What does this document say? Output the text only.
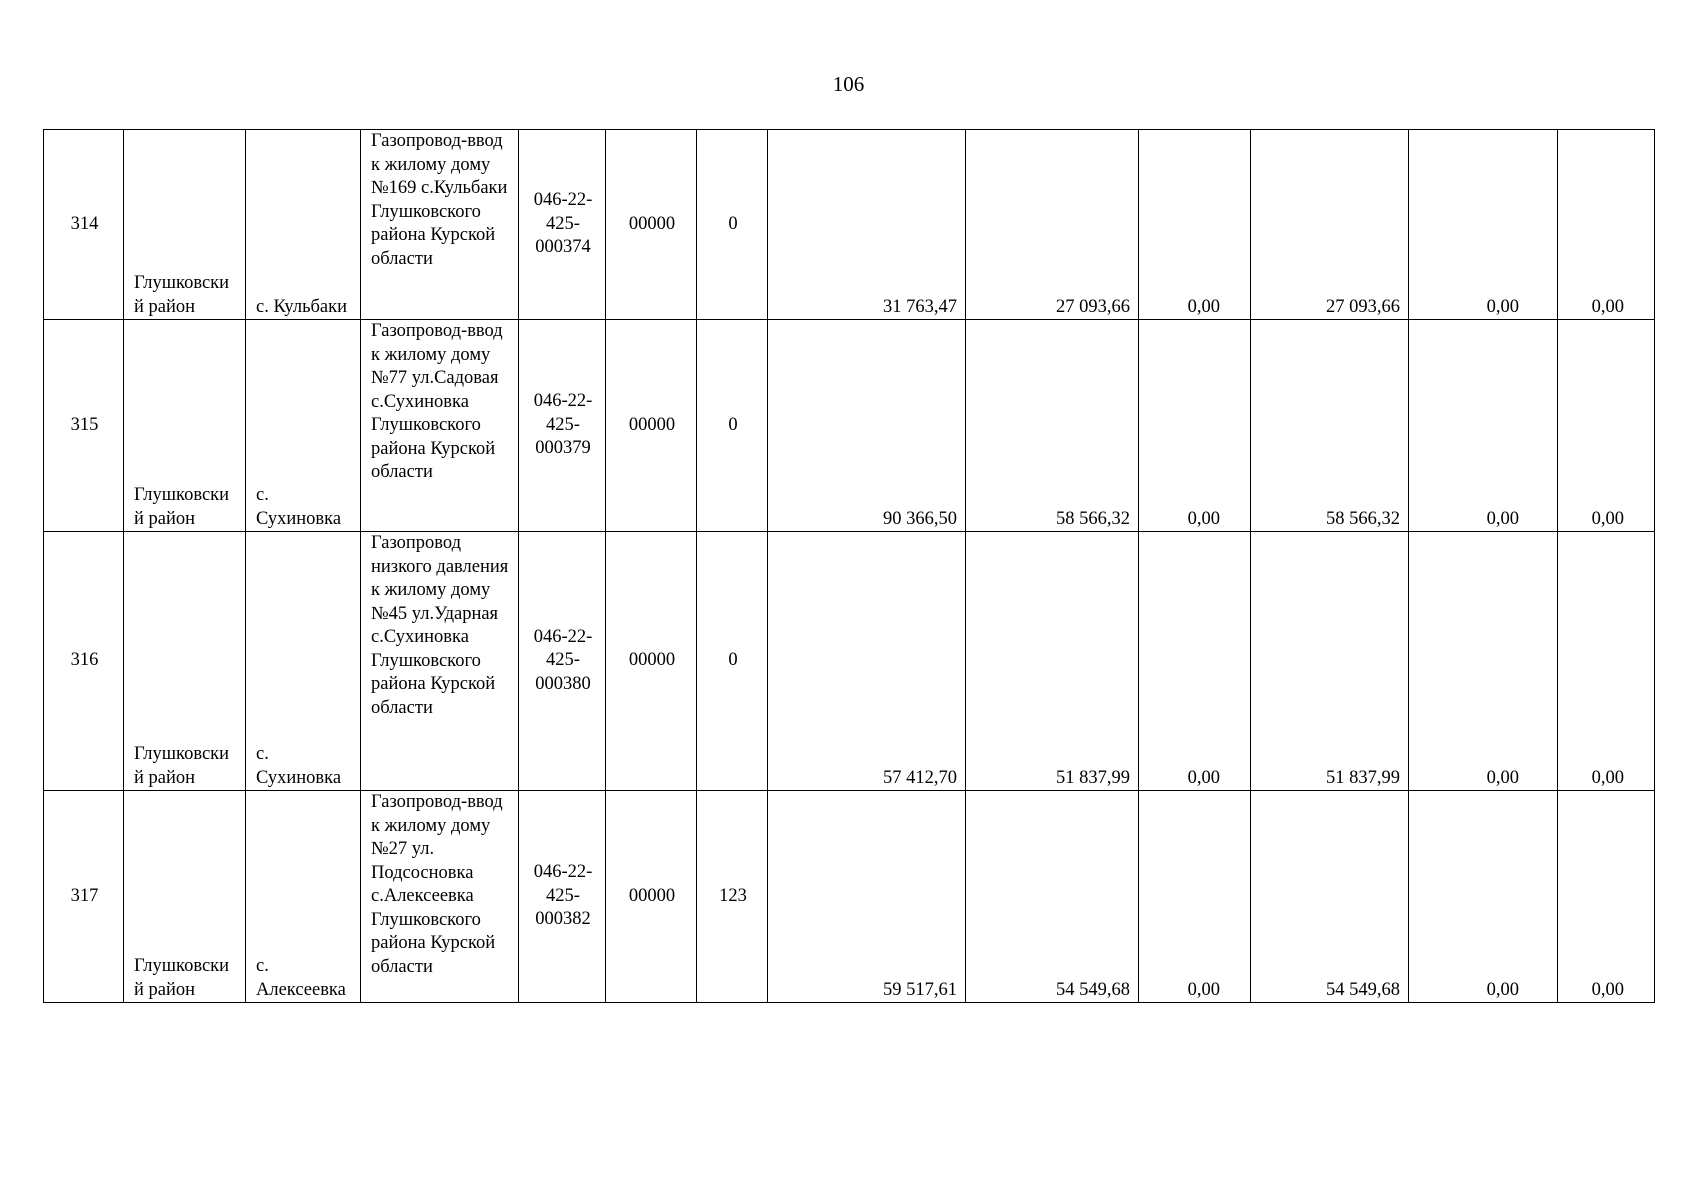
106
314	Глушковский район	с. Кульбаки	Газопровод-ввод к жилому дому №169 с.Кульбаки Глушковского района Курской области	046-22-425-000374	00000	0	31 763,47	27 093,66	0,00	27 093,66	0,00	0,00
315	Глушковский район	с. Сухиновка	Газопровод-ввод к жилому дому №77 ул.Садовая с.Сухиновка Глушковского района Курской области	046-22-425-000379	00000	0	90 366,50	58 566,32	0,00	58 566,32	0,00	0,00
316	Глушковский район	с. Сухиновка	Газопровод низкого давления к жилому дому №45 ул.Ударная с.Сухиновка Глушковского района Курской области	046-22-425-000380	00000	0	57 412,70	51 837,99	0,00	51 837,99	0,00	0,00
317	Глушковский район	с. Алексеевка	Газопровод-ввод к жилому дому №27 ул. Подсосновка с.Алексеевка Глушковского района Курской области	046-22-425-000382	00000	123	59 517,61	54 549,68	0,00	54 549,68	0,00	0,00
